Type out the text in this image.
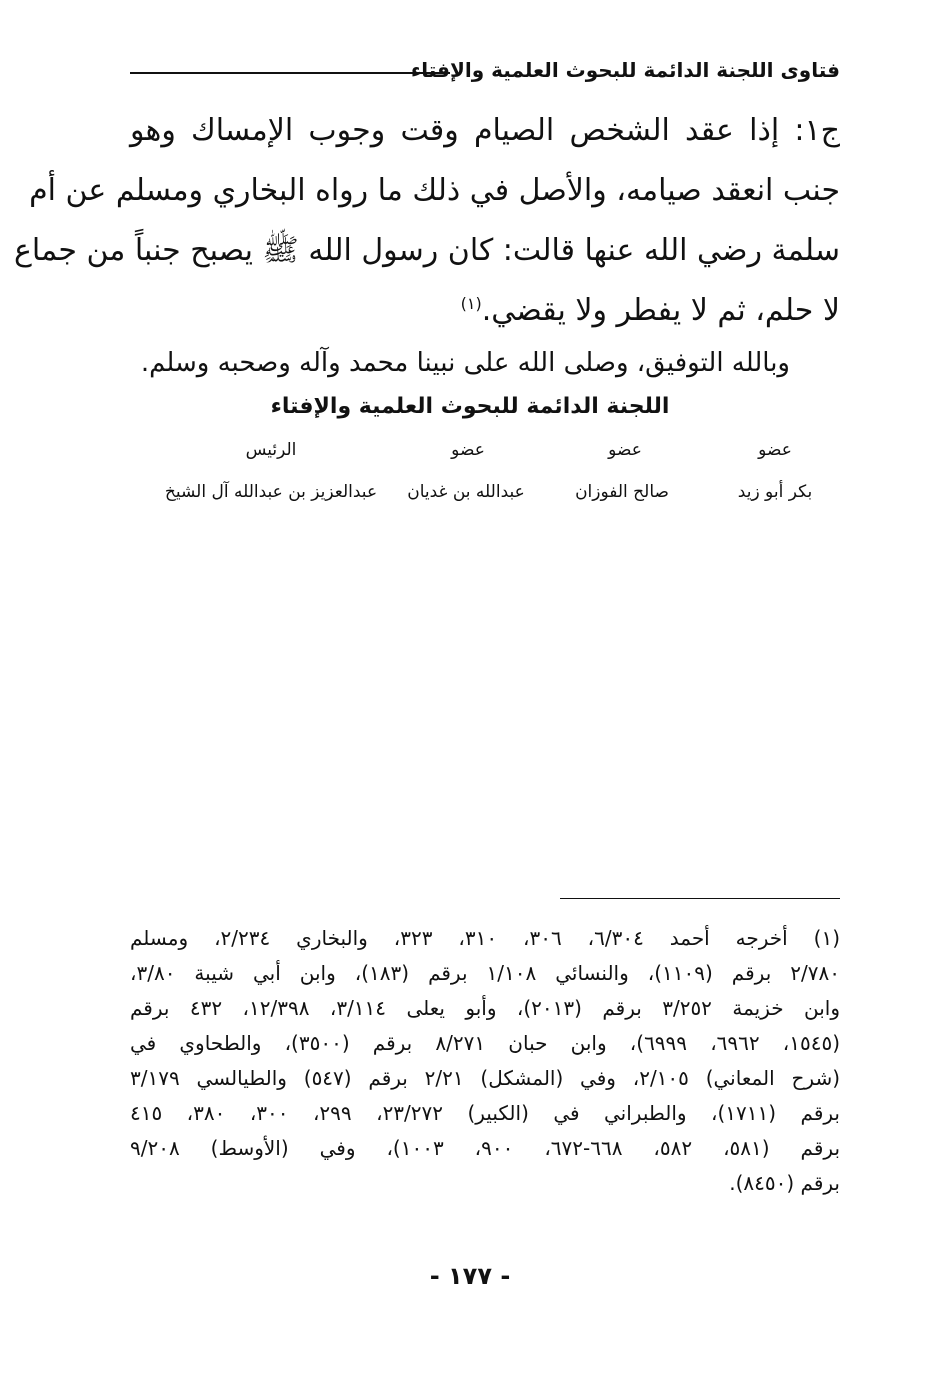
فتاوى اللجنة الدائمة للبحوث العلمية والإفتاء
ج١: إذا عقد الشخص الصيام وقت وجوب الإمساك وهو
جنب انعقد صيامه، والأصل في ذلك ما رواه البخاري ومسلم عن أم
سلمة رضي الله عنها قالت: كان رسول الله ﷺ يصبح جنباً من جماع
لا حلم، ثم لا يفطر ولا يقضي.$^{(١)}$
وبالله التوفيق، وصلى الله على نبينا محمد وآله وصحبه وسلم.
اللجنة الدائمة للبحوث العلمية والإفتاء
عضو
عضو
عضو
الرئيس
بكر أبو زيد
صالح الفوزان
عبدالله بن غديان
عبدالعزيز بن عبدالله آل الشيخ
(١) أخرجه أحمد ٦/٣٠٤، ٣٠٦، ٣١٠، ٣٢٣، والبخاري ٢/٢٣٤، ومسلم
٢/٧٨٠ برقم (١١٠٩)، والنسائي ١/١٠٨ برقم (١٨٣)، وابن أبي شيبة ٣/٨٠،
وابن خزيمة ٣/٢٥٢ برقم (٢٠١٣)، وأبو يعلى ٣/١١٤، ١٢/٣٩٨، ٤٣٢ برقم
(١٥٤٥، ٦٩٦٢، ٦٩٩٩)، وابن حبان ٨/٢٧١ برقم (٣٥٠٠)، والطحاوي في
(شرح المعاني) ٢/١٠٥، وفي (المشكل) ٢/٢١ برقم (٥٤٧) والطيالسي ٣/١٧٩
برقم (١٧١١)، والطبراني في (الكبير) ٢٣/٢٧٢، ٢٩٩، ٣٠٠، ٣٨٠، ٤١٥
برقم (٥٨١، ٥٨٢، ٦٦٨-٦٧٢، ٩٠٠، ١٠٠٣)، وفي (الأوسط) ٩/٢٠٨
برقم (٨٤٥٠).
- ١٧٧ -
